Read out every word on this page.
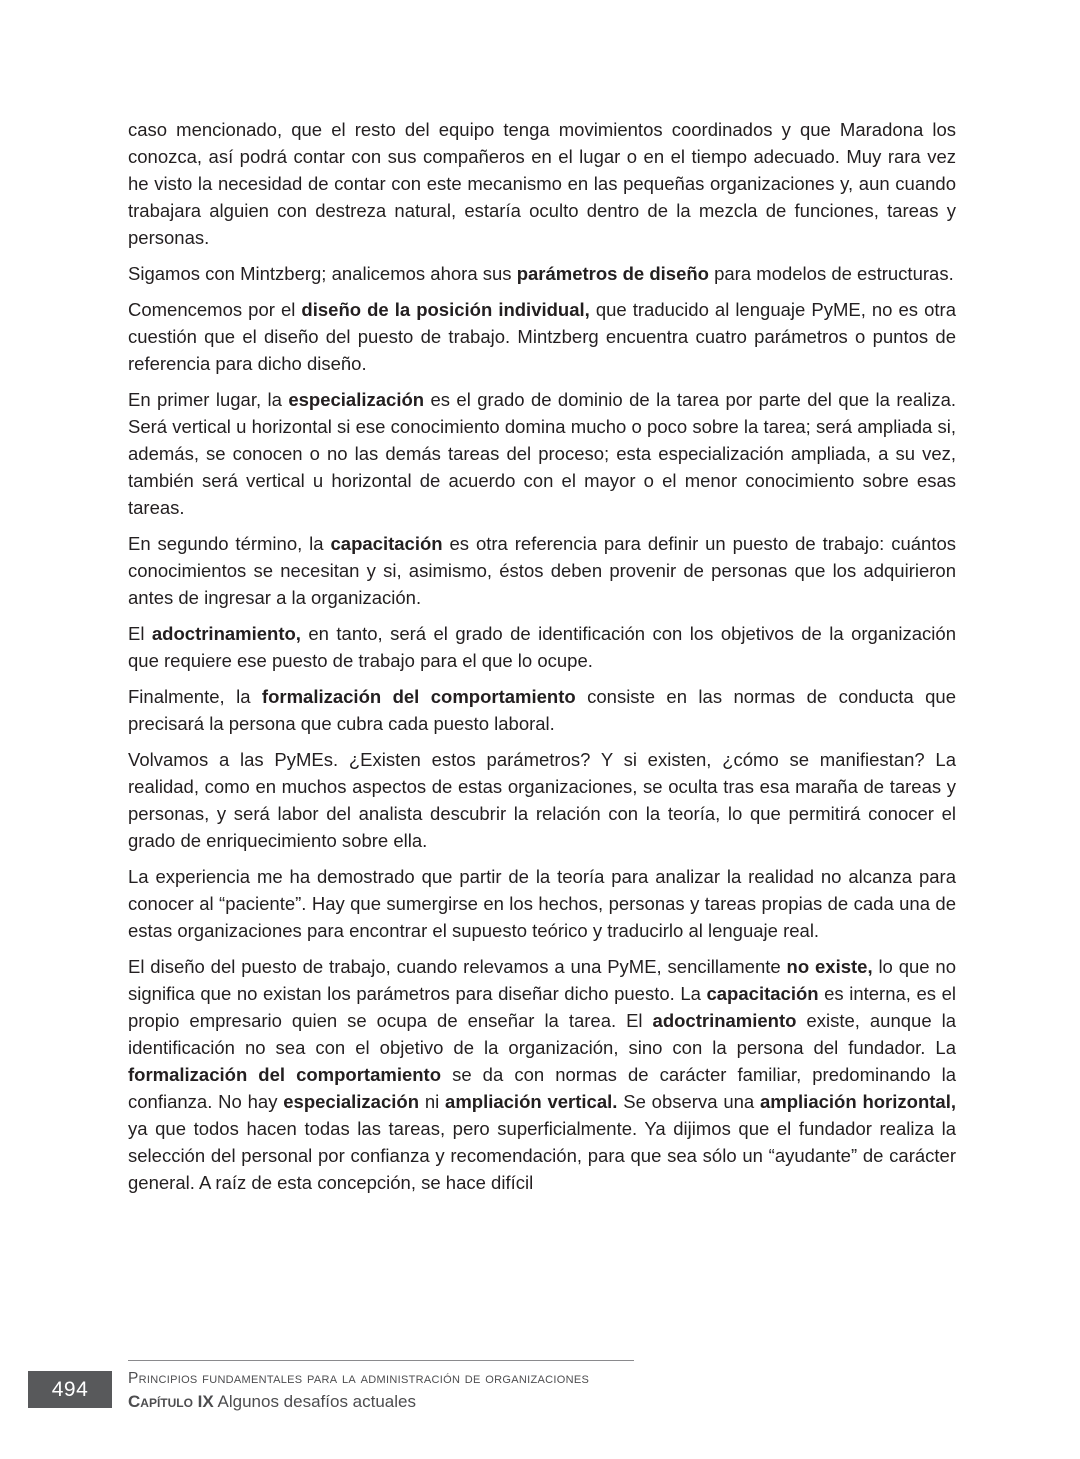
caso mencionado, que el resto del equipo tenga movimientos coordinados y que Maradona los conozca, así podrá contar con sus compañeros en el lugar o en el tiempo adecuado. Muy rara vez he visto la necesidad de contar con este mecanismo en las pequeñas organizaciones y, aun cuando trabajara alguien con destreza natural, estaría oculto dentro de la mezcla de funciones, tareas y personas.

Sigamos con Mintzberg; analicemos ahora sus parámetros de diseño para modelos de estructuras.

Comencemos por el diseño de la posición individual, que traducido al lenguaje PyME, no es otra cuestión que el diseño del puesto de trabajo. Mintzberg encuentra cuatro parámetros o puntos de referencia para dicho diseño.

En primer lugar, la especialización es el grado de dominio de la tarea por parte del que la realiza. Será vertical u horizontal si ese conocimiento domina mucho o poco sobre la tarea; será ampliada si, además, se conocen o no las demás tareas del proceso; esta especialización ampliada, a su vez, también será vertical u horizontal de acuerdo con el mayor o el menor conocimiento sobre esas tareas.

En segundo término, la capacitación es otra referencia para definir un puesto de trabajo: cuántos conocimientos se necesitan y si, asimismo, éstos deben provenir de personas que los adquirieron antes de ingresar a la organización.

El adoctrinamiento, en tanto, será el grado de identificación con los objetivos de la organización que requiere ese puesto de trabajo para el que lo ocupe.

Finalmente, la formalización del comportamiento consiste en las normas de conducta que precisará la persona que cubra cada puesto laboral.

Volvamos a las PyMEs. ¿Existen estos parámetros? Y si existen, ¿cómo se manifiestan? La realidad, como en muchos aspectos de estas organizaciones, se oculta tras esa maraña de tareas y personas, y será labor del analista descubrir la relación con la teoría, lo que permitirá conocer el grado de enriquecimiento sobre ella.

La experiencia me ha demostrado que partir de la teoría para analizar la realidad no alcanza para conocer al “paciente”. Hay que sumergirse en los hechos, personas y tareas propias de cada una de estas organizaciones para encontrar el supuesto teórico y traducirlo al lenguaje real.

El diseño del puesto de trabajo, cuando relevamos a una PyME, sencillamente no existe, lo que no significa que no existan los parámetros para diseñar dicho puesto. La capacitación es interna, es el propio empresario quien se ocupa de enseñar la tarea. El adoctrinamiento existe, aunque la identificación no sea con el objetivo de la organización, sino con la persona del fundador. La formalización del comportamiento se da con normas de carácter familiar, predominando la confianza. No hay especialización ni ampliación vertical. Se observa una ampliación horizontal, ya que todos hacen todas las tareas, pero superficialmente. Ya dijimos que el fundador realiza la selección del personal por confianza y recomendación, para que sea sólo un “ayudante” de carácter general. A raíz de esta concepción, se hace difícil

494	Principios fundamentales para la administración de organizaciones
Capítulo IX Algunos desafíos actuales
